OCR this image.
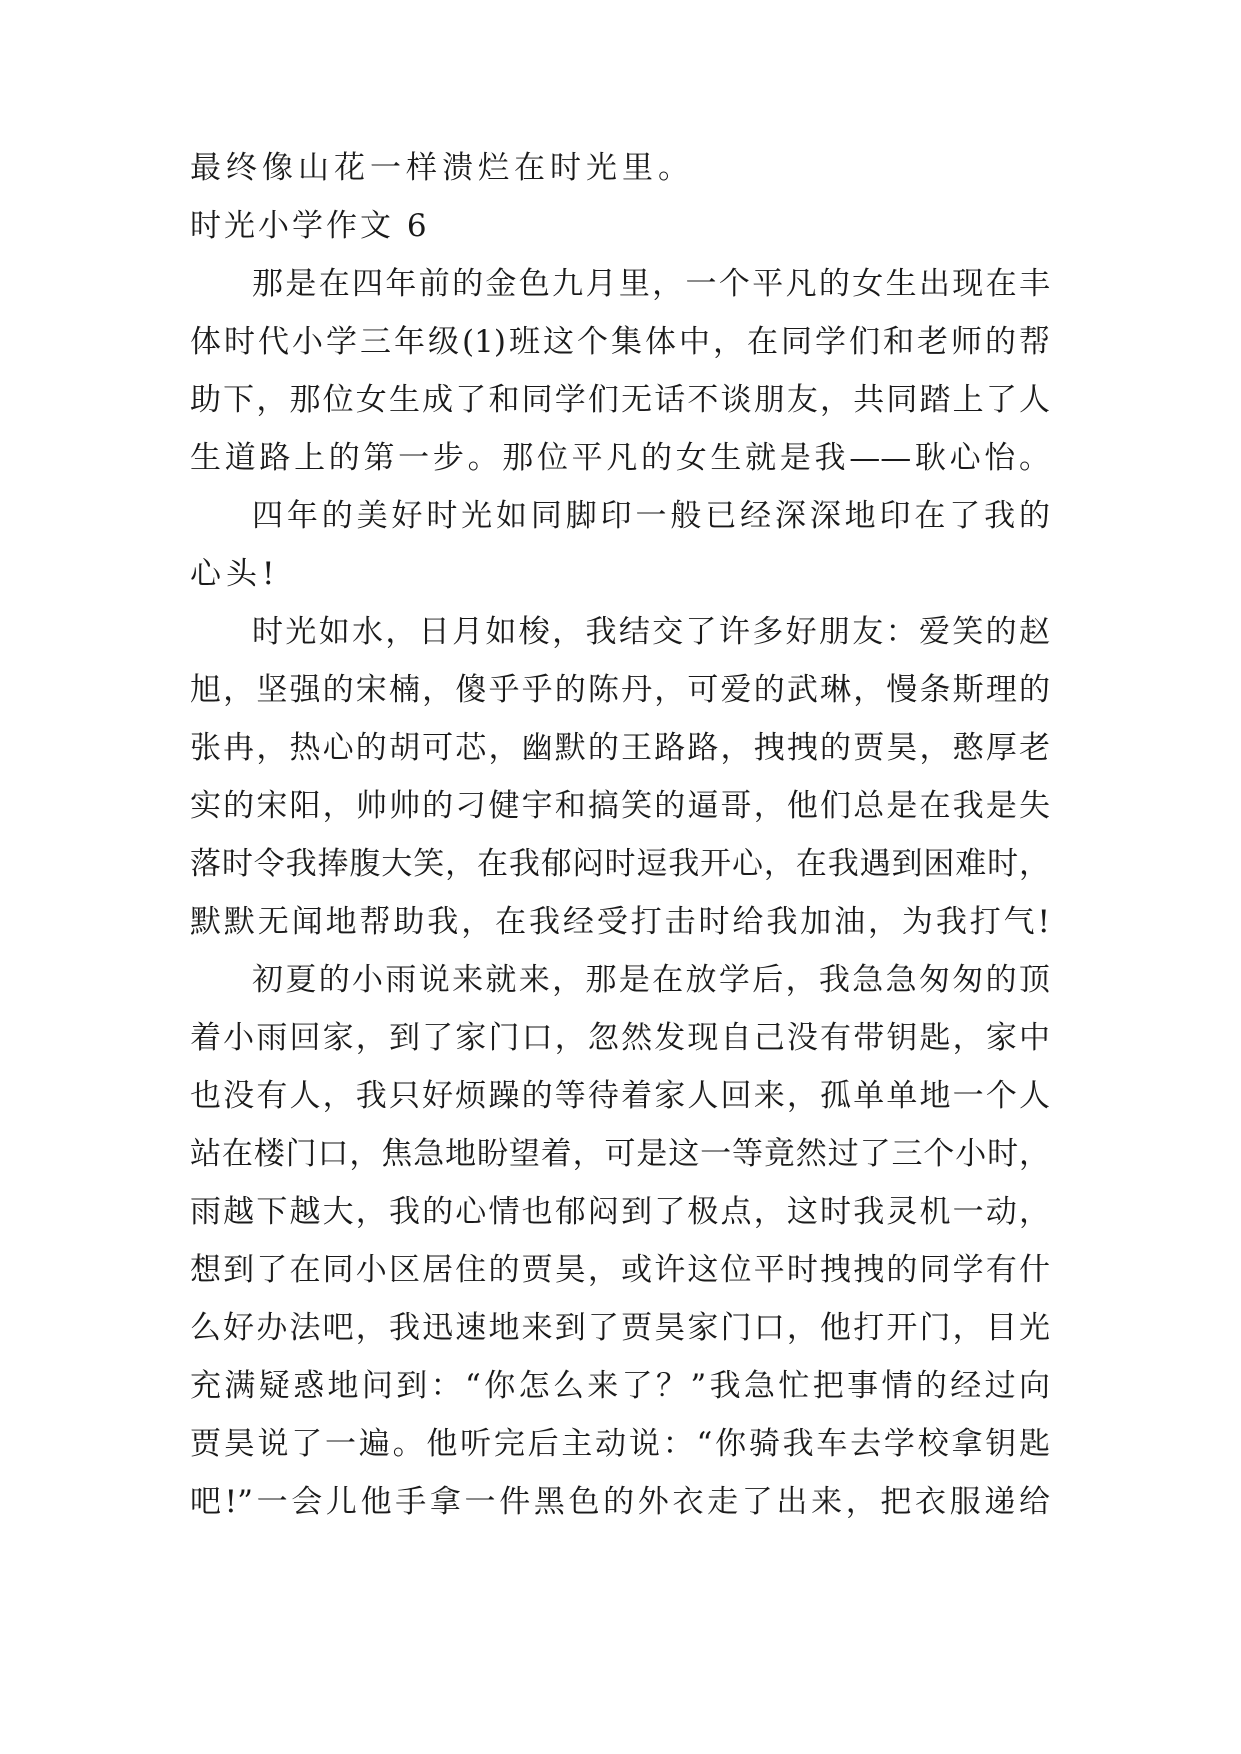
最终像山花一样溃烂在时光里。
时光小学作文 6
那是在四年前的金色九月里，一个平凡的女生出现在丰
体时代小学三年级(1)班这个集体中，在同学们和老师的帮
助下，那位女生成了和同学们无话不谈朋友，共同踏上了人
生道路上的第一步。那位平凡的女生就是我——耿心怡。
四年的美好时光如同脚印一般已经深深地印在了我的
心头!
时光如水，日月如梭，我结交了许多好朋友：爱笑的赵
旭，坚强的宋楠，傻乎乎的陈丹，可爱的武琳，慢条斯理的
张冉，热心的胡可芯，幽默的王路路，拽拽的贾昊，憨厚老
实的宋阳，帅帅的刁健宇和搞笑的逼哥，他们总是在我是失
落时令我捧腹大笑，在我郁闷时逗我开心，在我遇到困难时，
默默无闻地帮助我，在我经受打击时给我加油，为我打气!
初夏的小雨说来就来，那是在放学后，我急急匆匆的顶
着小雨回家，到了家门口，忽然发现自己没有带钥匙，家中
也没有人，我只好烦躁的等待着家人回来，孤单单地一个人
站在楼门口，焦急地盼望着，可是这一等竟然过了三个小时，
雨越下越大，我的心情也郁闷到了极点，这时我灵机一动，
想到了在同小区居住的贾昊，或许这位平时拽拽的同学有什
么好办法吧，我迅速地来到了贾昊家门口，他打开门，目光
充满疑惑地问到：“你怎么来了？”我急忙把事情的经过向
贾昊说了一遍。他听完后主动说：“你骑我车去学校拿钥匙
吧!”一会儿他手拿一件黑色的外衣走了出来，把衣服递给
